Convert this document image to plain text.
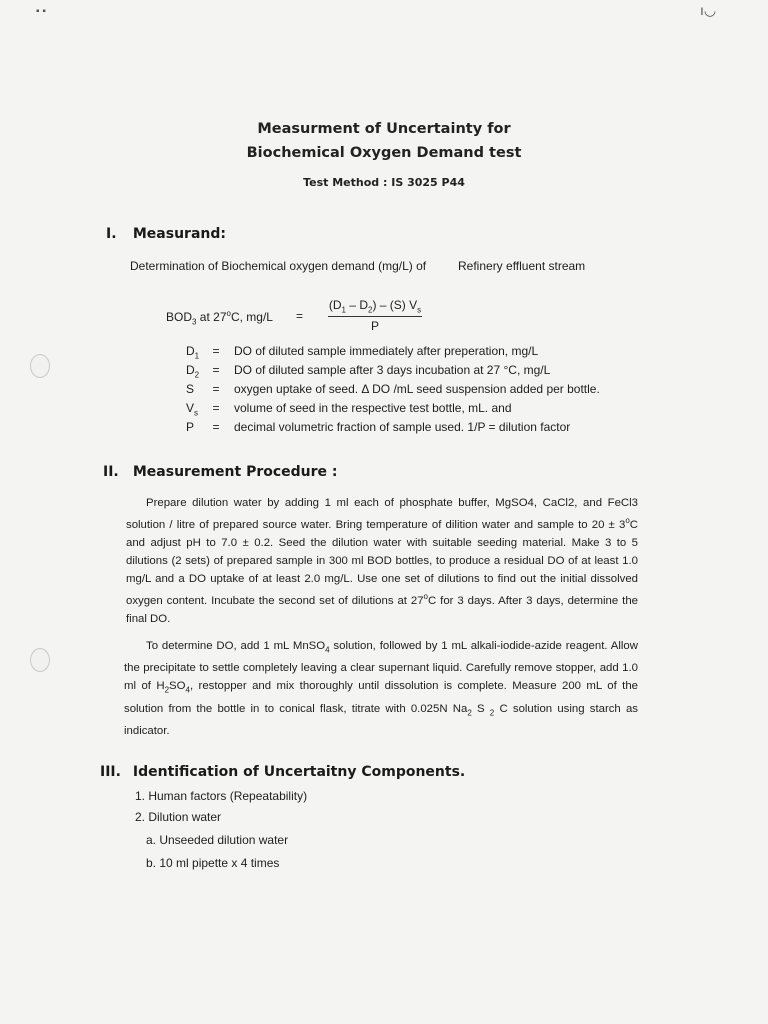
▪ ▪	ı◡
Measurment of Uncertainty for
Biochemical Oxygen Demand test
Test Method : IS 3025 P44
I. Measurand:
Determination of Biochemical oxygen demand (mg/L) of	Refinery effluent stream
$BOD_3$ at 27$^o$C, mg/L =
$(D_1 - D_2) - (S)$ $V_s$
P
$D_1$	=	DO of diluted sample immediately after preperation, mg/L
$D_2$	=	DO of diluted sample after 3 days incubation at 27 °C, mg/L
S	=	oxygen uptake of seed. Δ DO /mL seed suspension added per bottle.
$V_s$	=	volume of seed in the respective test bottle, mL. and
P	=	decimal volumetric fraction of sample used. 1/P = dilution factor
II. Measurement Procedure :
Prepare dilution water by adding 1 ml each of phosphate buffer, MgSO4, CaCl2, and FeCl3 solution / litre of prepared source water. Bring temperature of dilition water and sample to $20 \pm 3^oC$ and adjust pH to 7.0 ± 0.2. Seed the dilution water with suitable seeding material. Make 3 to 5 dilutions (2 sets) of prepared sample in 300 ml BOD bottles, to produce a residual DO of at least 1.0 mg/L and a DO uptake of at least 2.0 mg/L. Use one set of dilutions to find out the initial dissolved oxygen content. Incubate the second set of dilutions at 27$^o$C for 3 days. After 3 days, determine the final DO.
To determine DO, add 1 mL MnSO$_4$ solution, followed by 1 mL alkali-iodide-azide reagent. Allow the precipitate to settle completely leaving a clear supernant liquid. Carefully remove stopper, add 1.0 ml of $H_2SO_4$, restopper and mix thoroughly until dissolution is complete. Measure 200 mL of the solution from the bottle in to conical flask, titrate with 0.025N $Na_2$ S $_2$ C solution using starch as indicator.
III. Identification of Uncertaitny Components.
1. Human factors (Repeatability)
2. Dilution water
a. Unseeded dilution water
b. 10 ml pipette x 4 times
